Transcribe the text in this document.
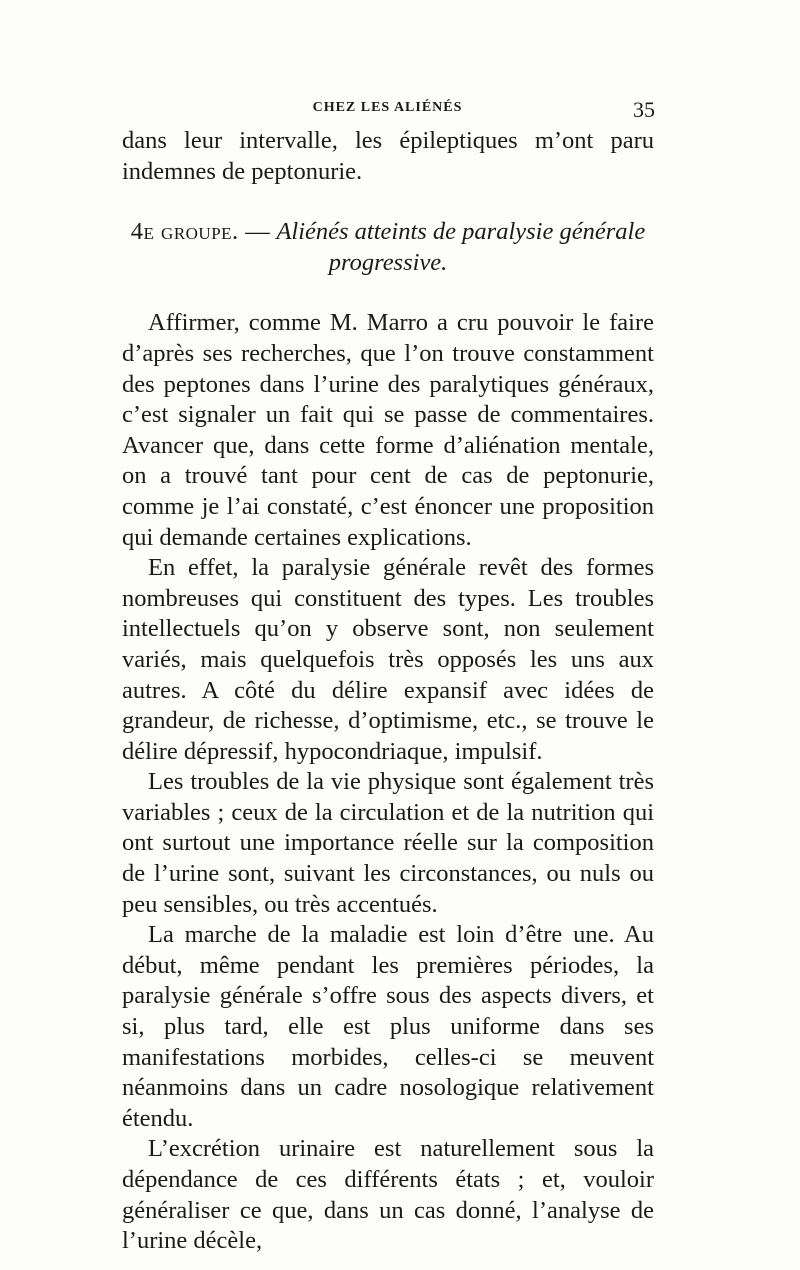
CHEZ LES ALIÉNÉS	35

dans leur intervalle, les épileptiques m’ont paru indemnes de peptonurie.

4e groupe. — Aliénés atteints de paralysie générale progressive.

Affirmer, comme M. Marro a cru pouvoir le faire d’après ses recherches, que l’on trouve constamment des peptones dans l’urine des paralytiques généraux, c’est signaler un fait qui se passe de commentaires. Avancer que, dans cette forme d’aliénation mentale, on a trouvé tant pour cent de cas de peptonurie, comme je l’ai constaté, c’est énoncer une proposition qui demande certaines explications.

En effet, la paralysie générale revêt des formes nombreuses qui constituent des types. Les troubles intellectuels qu’on y observe sont, non seulement variés, mais quelquefois très opposés les uns aux autres. A côté du délire expansif avec idées de grandeur, de richesse, d’optimisme, etc., se trouve le délire dépressif, hypocondriaque, impulsif.

Les troubles de la vie physique sont également très variables ; ceux de la circulation et de la nutrition qui ont surtout une importance réelle sur la composition de l’urine sont, suivant les circonstances, ou nuls ou peu sensibles, ou très accentués.

La marche de la maladie est loin d’être une. Au début, même pendant les premières périodes, la paralysie générale s’offre sous des aspects divers, et si, plus tard, elle est plus uniforme dans ses manifestations morbides, celles-ci se meuvent néanmoins dans un cadre nosologique relativement étendu.

L’excrétion urinaire est naturellement sous la dépendance de ces différents états ; et, vouloir généraliser ce que, dans un cas donné, l’analyse de l’urine décèle,
